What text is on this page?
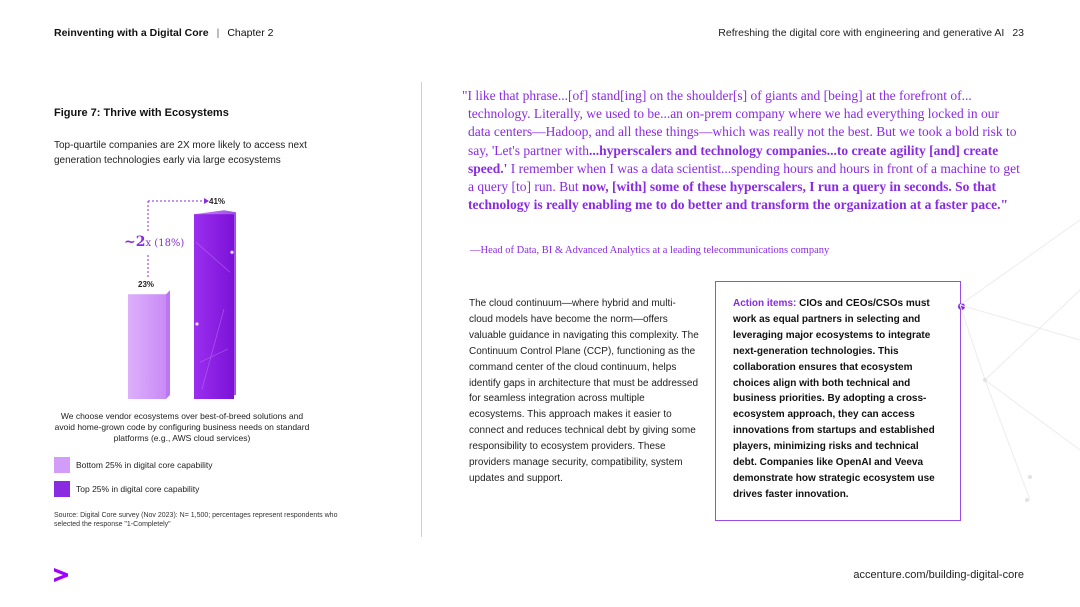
Reinventing with a Digital Core | Chapter 2	Refreshing the digital core with engineering and generative AI 23
Figure 7: Thrive with Ecosystems
Top-quartile companies are 2X more likely to access next generation technologies early via large ecosystems
~2x (18%)
23%
41%
We choose vendor ecosystems over best-of-breed solutions and avoid home-grown code by configuring business needs on standard platforms (e.g., AWS cloud services)
Bottom 25% in digital core capability
Top 25% in digital core capability
Source: Digital Core survey (Nov 2023): N= 1,500; percentages represent respondents who selected the response "1-Completely"

"I like that phrase...[of] stand[ing] on the shoulder[s] of giants and [being] at the forefront of... technology. Literally, we used to be...an on-prem company where we had everything locked in our data centers—Hadoop, and all these things—which was really not the best. But we took a bold risk to say, 'Let's partner with...hyperscalers and technology companies...to create agility [and] create speed.' I remember when I was a data scientist...spending hours and hours in front of a machine to get a query [to] run. But now, [with] some of these hyperscalers, I run a query in seconds. So that technology is really enabling me to do better and transform the organization at a faster pace."

—Head of Data, BI & Advanced Analytics at a leading telecommunications company
The cloud continuum—where hybrid and multi-cloud models have become the norm—offers valuable guidance in navigating this complexity. The Continuum Control Plane (CCP), functioning as the command center of the cloud continuum, helps identify gaps in architecture that must be addressed for seamless integration across multiple ecosystems. This approach makes it easier to connect and reduces technical debt by giving some responsibility to ecosystem providers. These providers manage security, compatibility, system updates and support.
Action items: CIOs and CEOs/CSOs must work as equal partners in selecting and leveraging major ecosystems to integrate next-generation technologies. This collaboration ensures that ecosystem choices align with both technical and business priorities. By adopting a cross-ecosystem approach, they can access innovations from startups and established players, minimizing risks and technical debt. Companies like OpenAI and Veeva demonstrate how strategic ecosystem use drives faster innovation.
accenture.com/building-digital-core
